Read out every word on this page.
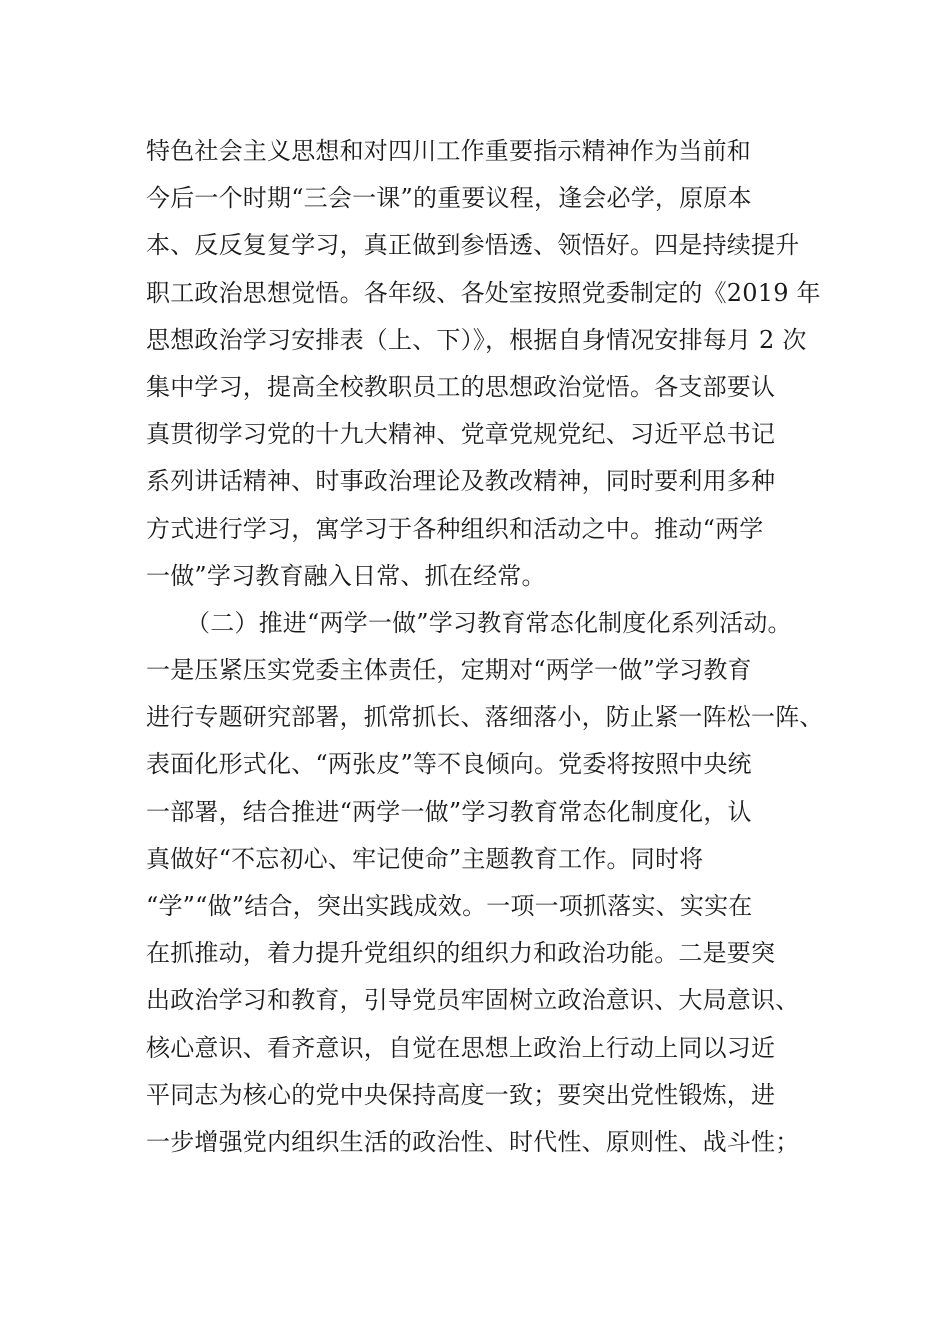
特色社会主义思想和对四川工作重要指示精神作为当前和
今后一个时期“三会一课”的重要议程，逢会必学，原原本
本、反反复复学习，真正做到参悟透、领悟好。四是持续提升
职工政治思想觉悟。各年级、各处室按照党委制定的《2019 年
思想政治学习安排表（上、下）》，根据自身情况安排每月 2 次
集中学习，提高全校教职员工的思想政治觉悟。各支部要认
真贯彻学习党的十九大精神、党章党规党纪、习近平总书记
系列讲话精神、时事政治理论及教改精神，同时要利用多种
方式进行学习，寓学习于各种组织和活动之中。推动“两学
一做”学习教育融入日常、抓在经常。
（二）推进“两学一做”学习教育常态化制度化系列活动。
一是压紧压实党委主体责任，定期对“两学一做”学习教育
进行专题研究部署，抓常抓长、落细落小，防止紧一阵松一阵、
表面化形式化、“两张皮”等不良倾向。党委将按照中央统
一部署，结合推进“两学一做”学习教育常态化制度化，认
真做好“不忘初心、牢记使命”主题教育工作。同时将
“学”“做”结合，突出实践成效。一项一项抓落实、实实在
在抓推动，着力提升党组织的组织力和政治功能。二是要突
出政治学习和教育，引导党员牢固树立政治意识、大局意识、
核心意识、看齐意识，自觉在思想上政治上行动上同以习近
平同志为核心的党中央保持高度一致；要突出党性锻炼，进
一步增强党内组织生活的政治性、时代性、原则性、战斗性；
